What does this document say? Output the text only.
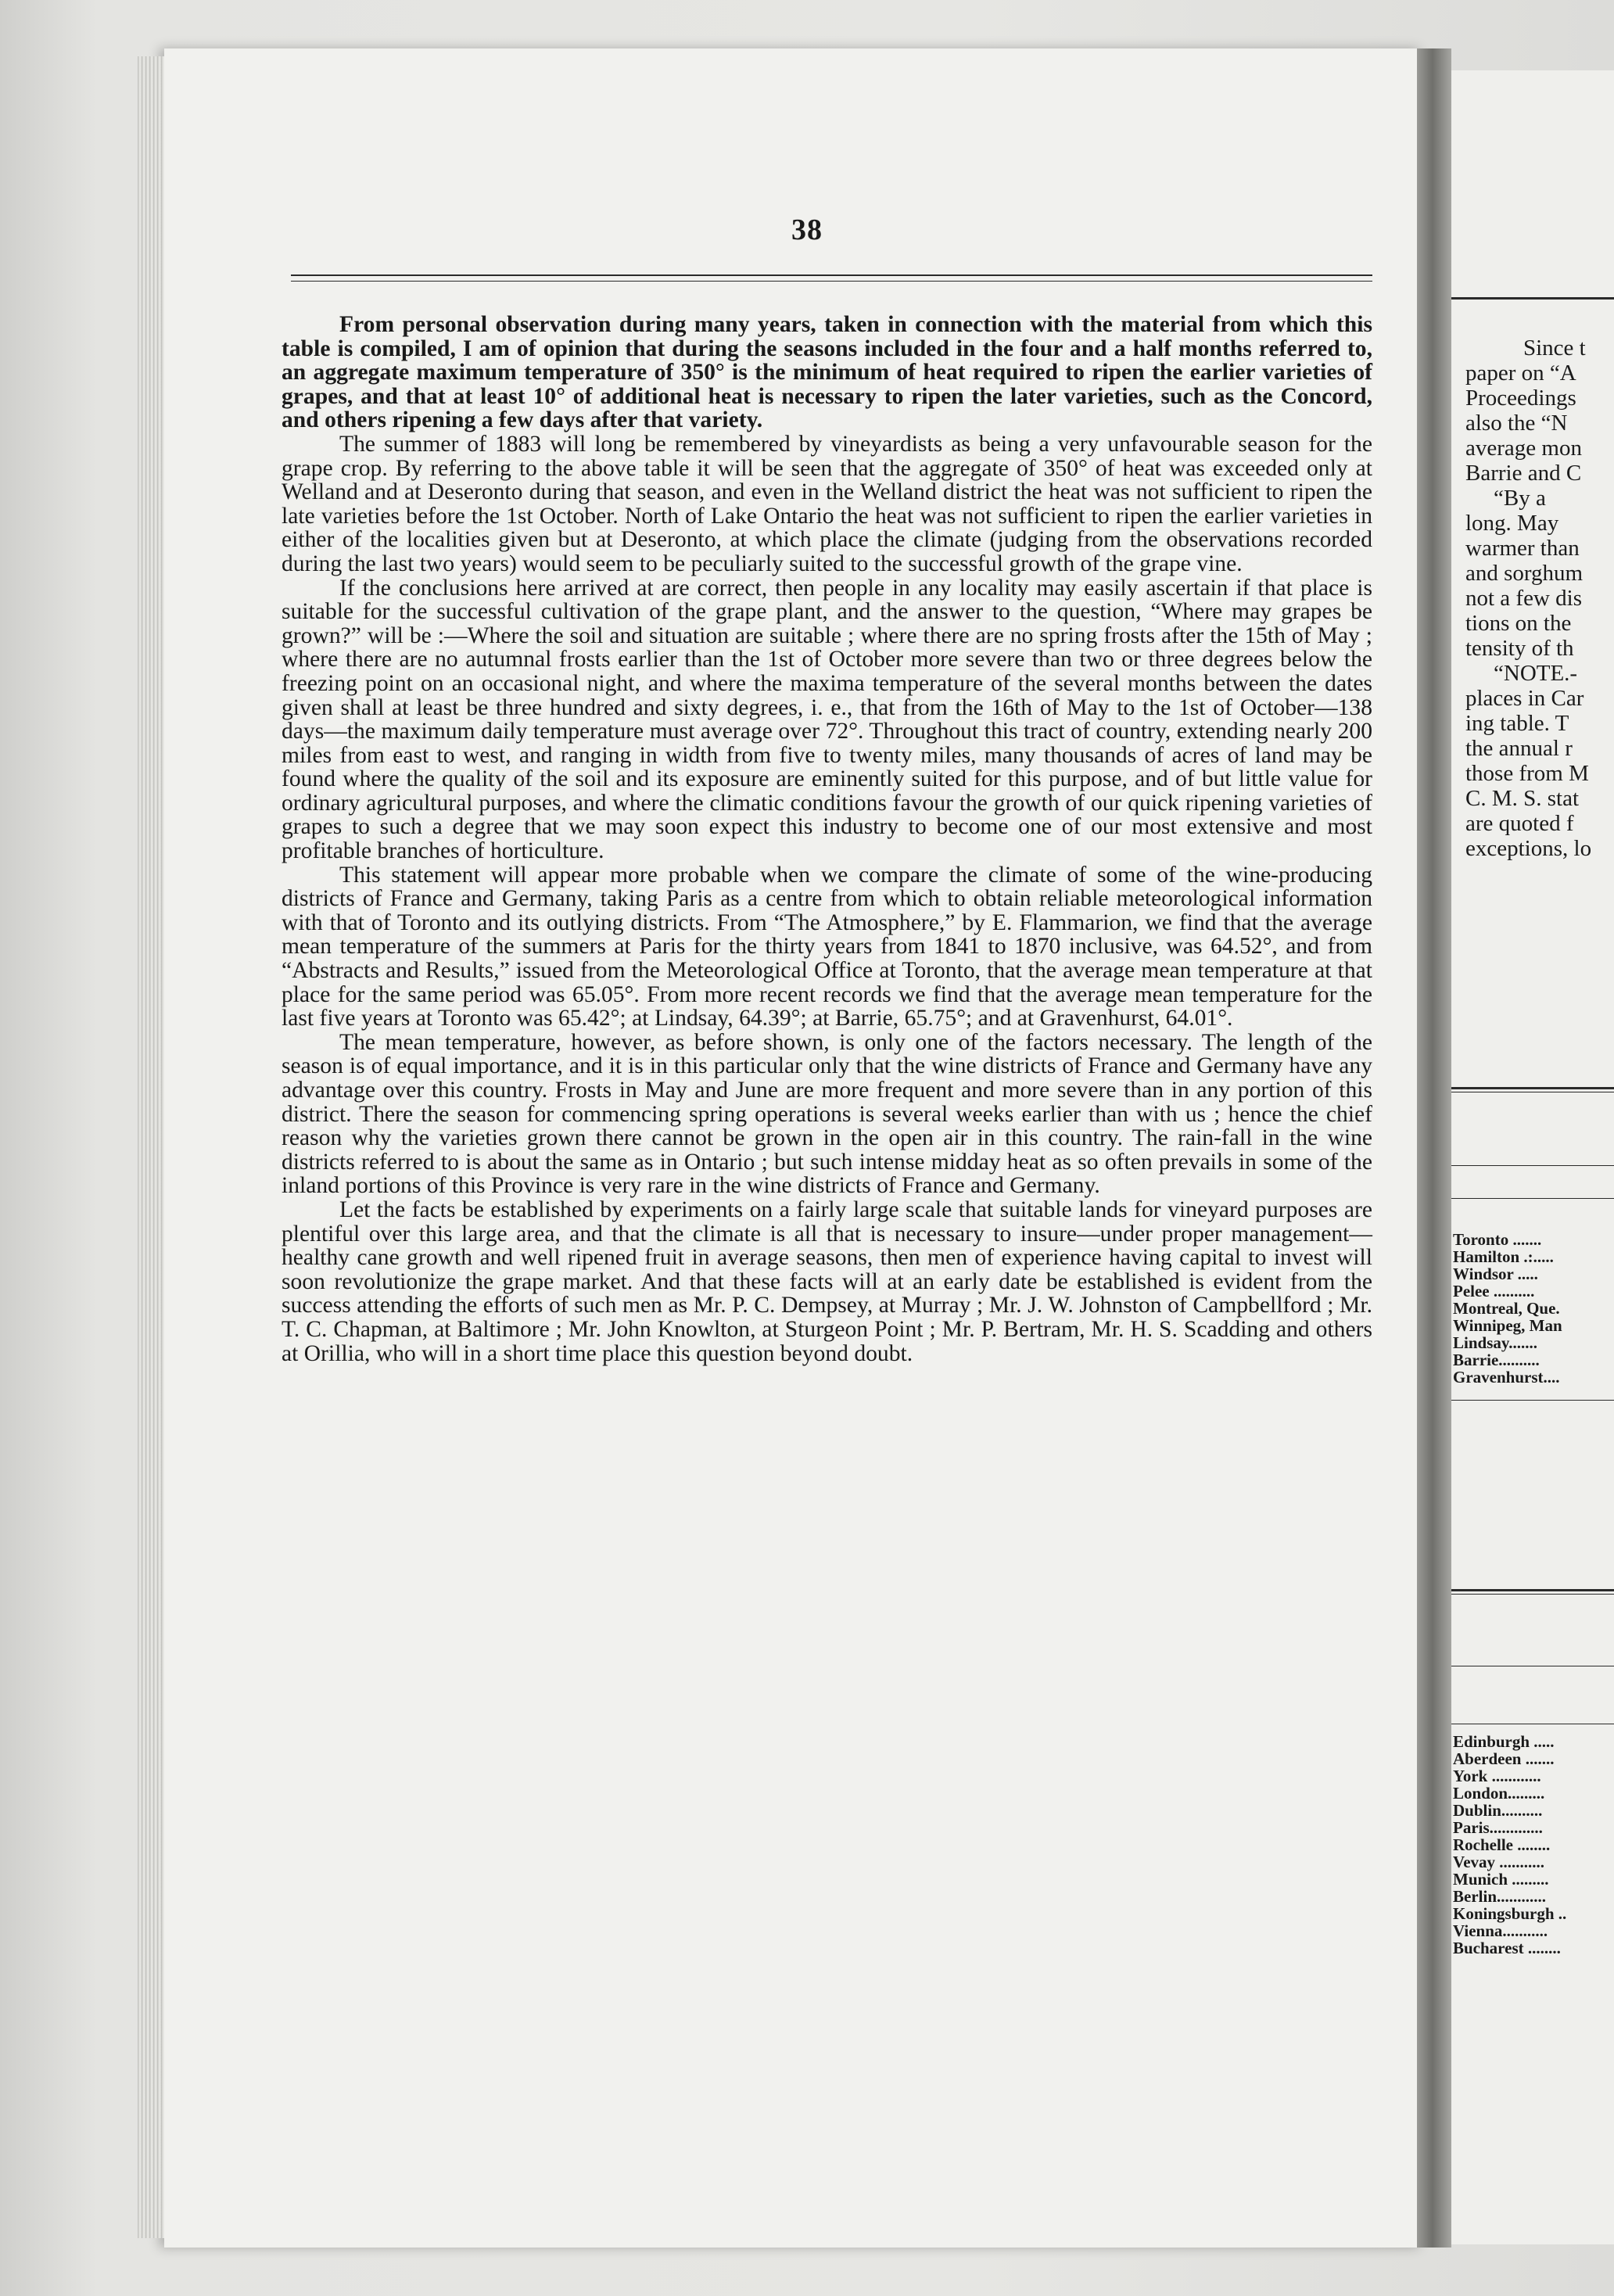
38

From personal observation during many years, taken in connection with the material from which this table is compiled, I am of opinion that during the seasons included in the four and a half months referred to, an aggregate maximum temperature of 350° is the minimum of heat required to ripen the earlier varieties of grapes, and that at least 10° of additional heat is necessary to ripen the later varieties, such as the Concord, and others ripening a few days after that variety.

The summer of 1883 will long be remembered by vineyardists as being a very unfavourable season for the grape crop. By referring to the above table it will be seen that the aggregate of 350° of heat was exceeded only at Welland and at Deseronto during that season, and even in the Welland district the heat was not sufficient to ripen the late varieties before the 1st October. North of Lake Ontario the heat was not sufficient to ripen the earlier varieties in either of the localities given but at Deseronto, at which place the climate (judging from the observations recorded during the last two years) would seem to be peculiarly suited to the successful growth of the grape vine.

If the conclusions here arrived at are correct, then people in any locality may easily ascertain if that place is suitable for the successful cultivation of the grape plant, and the answer to the question, “Where may grapes be grown?” will be :—Where the soil and situation are suitable ; where there are no spring frosts after the 15th of May ; where there are no autumnal frosts earlier than the 1st of October more severe than two or three degrees below the freezing point on an occasional night, and where the maxima temperature of the several months between the dates given shall at least be three hundred and sixty degrees, i. e., that from the 16th of May to the 1st of October—138 days—the maximum daily temperature must average over 72°. Throughout this tract of country, extending nearly 200 miles from east to west, and ranging in width from five to twenty miles, many thousands of acres of land may be found where the quality of the soil and its exposure are eminently suited for this purpose, and of but little value for ordinary agricultural purposes, and where the climatic conditions favour the growth of our quick ripening varieties of grapes to such a degree that we may soon expect this industry to become one of our most extensive and most profitable branches of horticulture.

This statement will appear more probable when we compare the climate of some of the wine-producing districts of France and Germany, taking Paris as a centre from which to obtain reliable meteorological information with that of Toronto and its outlying districts. From “The Atmosphere,” by E. Flammarion, we find that the average mean temperature of the summers at Paris for the thirty years from 1841 to 1870 inclusive, was 64.52°, and from “Abstracts and Results,” issued from the Meteorological Office at Toronto, that the average mean temperature at that place for the same period was 65.05°. From more recent records we find that the average mean temperature for the last five years at Toronto was 65.42°; at Lindsay, 64.39°; at Barrie, 65.75°; and at Gravenhurst, 64.01°.

The mean temperature, however, as before shown, is only one of the factors necessary. The length of the season is of equal importance, and it is in this particular only that the wine districts of France and Germany have any advantage over this country. Frosts in May and June are more frequent and more severe than in any portion of this district. There the season for commencing spring operations is several weeks earlier than with us ; hence the chief reason why the varieties grown there cannot be grown in the open air in this country. The rain-fall in the wine districts referred to is about the same as in Ontario ; but such intense midday heat as so often prevails in some of the inland portions of this Province is very rare in the wine districts of France and Germany.

Let the facts be established by experiments on a fairly large scale that suitable lands for vineyard purposes are plentiful over this large area, and that the climate is all that is necessary to insure—under proper management—healthy cane growth and well ripened fruit in average seasons, then men of experience having capital to invest will soon revolutionize the grape market. And that these facts will at an early date be established is evident from the success attending the efforts of such men as Mr. P. C. Dempsey, at Murray ; Mr. J. W. Johnston of Campbellford ; Mr. T. C. Chapman, at Baltimore ; Mr. John Knowlton, at Sturgeon Point ; Mr. P. Bertram, Mr. H. S. Scadding and others at Orillia, who will in a short time place this question beyond doubt.

Since t
paper on “A
Proceedings
also the “N
average mon
Barrie and C
“By a
long. May
warmer than
and sorghum
not a few dis
tions on the
tensity of th
“NOTE.-
places in Car
ing table. T
the annual r
those from M
C. M. S. stat
are quoted f
exceptions, lo
Toronto .......
Hamilton .:.....
Windsor .....
Pelee ..........
Montreal, Que.
Winnipeg, Man
Lindsay.......
Barrie..........
Gravenhurst....
Edinburgh .....
Aberdeen .......
York ............
London.........
Dublin..........
Paris.............
Rochelle ........
Vevay ...........
Munich .........
Berlin............
Koningsburgh ..
Vienna...........
Bucharest ........
